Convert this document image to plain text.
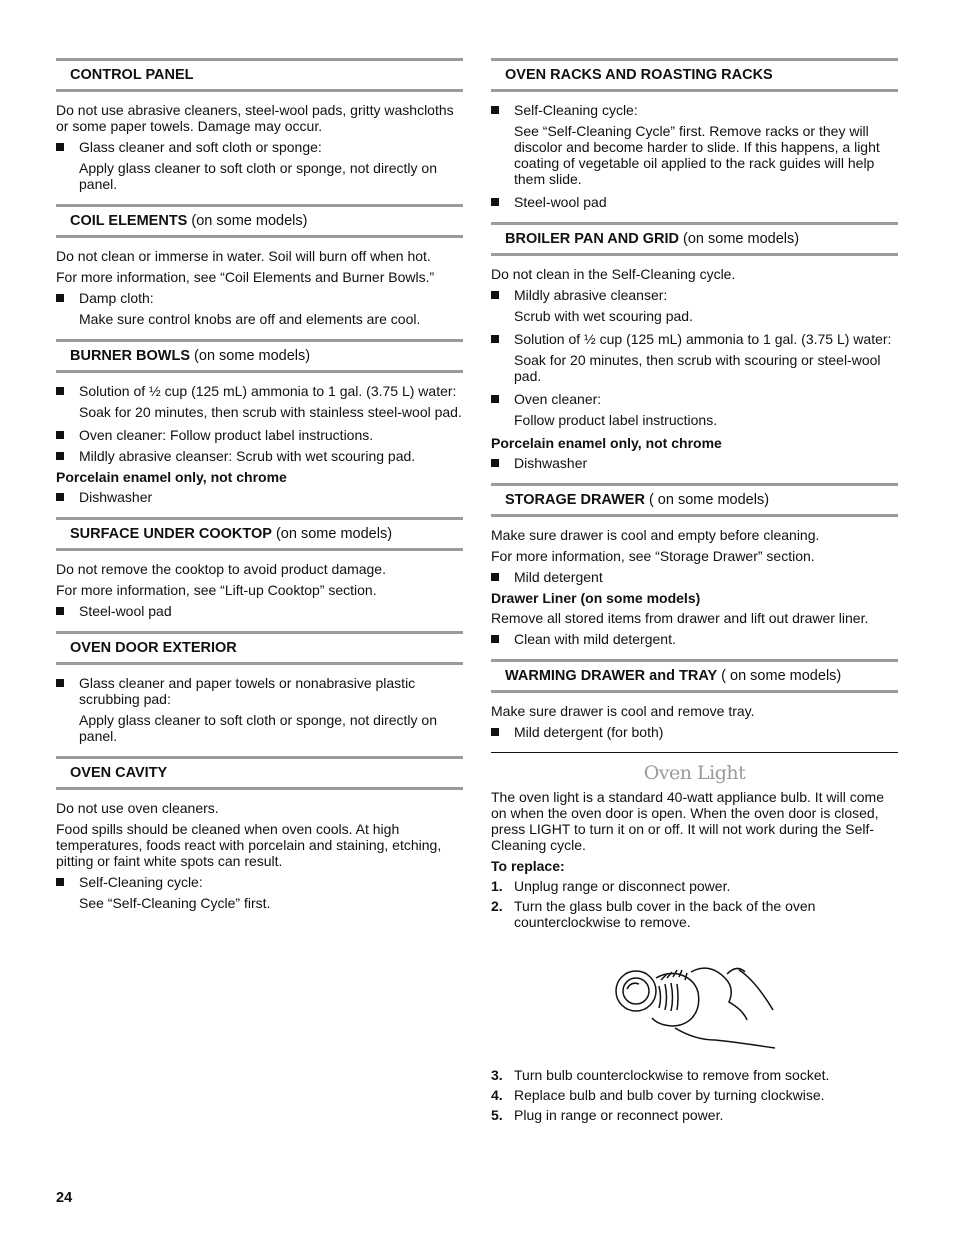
CONTROL PANEL

Do not use abrasive cleaners, steel-wool pads, gritty washcloths or some paper towels. Damage may occur.

Glass cleaner and soft cloth or sponge:

Apply glass cleaner to soft cloth or sponge, not directly on panel.

COIL ELEMENTS (on some models)

Do not clean or immerse in water. Soil will burn off when hot.

For more information, see “Coil Elements and Burner Bowls.”

Damp cloth:

Make sure control knobs are off and elements are cool.

BURNER BOWLS (on some models)

Solution of ½ cup (125 mL) ammonia to 1 gal. (3.75 L) water:

Soak for 20 minutes, then scrub with stainless steel-wool pad.

Oven cleaner: Follow product label instructions.

Mildly abrasive cleanser: Scrub with wet scouring pad.

Porcelain enamel only, not chrome

Dishwasher

SURFACE UNDER COOKTOP (on some models)

Do not remove the cooktop to avoid product damage.

For more information, see “Lift-up Cooktop” section.

Steel-wool pad

OVEN DOOR EXTERIOR

Glass cleaner and paper towels or nonabrasive plastic scrubbing pad:

Apply glass cleaner to soft cloth or sponge, not directly on panel.

OVEN CAVITY

Do not use oven cleaners.

Food spills should be cleaned when oven cools. At high temperatures, foods react with porcelain and staining, etching, pitting or faint white spots can result.

Self-Cleaning cycle:

See “Self-Cleaning Cycle” first.

OVEN RACKS AND ROASTING RACKS

Self-Cleaning cycle:

See “Self-Cleaning Cycle” first. Remove racks or they will discolor and become harder to slide. If this happens, a light coating of vegetable oil applied to the rack guides will help them slide.

Steel-wool pad

BROILER PAN AND GRID (on some models)

Do not clean in the Self-Cleaning cycle.

Mildly abrasive cleanser:

Scrub with wet scouring pad.

Solution of ½ cup (125 mL) ammonia to 1 gal. (3.75 L) water:

Soak for 20 minutes, then scrub with scouring or steel-wool pad.

Oven cleaner:

Follow product label instructions.

Porcelain enamel only, not chrome

Dishwasher

STORAGE DRAWER ( on some models)

Make sure drawer is cool and empty before cleaning.

For more information, see “Storage Drawer” section.

Mild detergent

Drawer Liner (on some models)

Remove all stored items from drawer and lift out drawer liner.

Clean with mild detergent.

WARMING DRAWER and TRAY ( on some models)

Make sure drawer is cool and remove tray.

Mild detergent (for both)

Oven Light

The oven light is a standard 40-watt appliance bulb. It will come on when the oven door is open. When the oven door is closed, press LIGHT to turn it on or off. It will not work during the Self-Cleaning cycle.

To replace:

1. Unplug range or disconnect power.

2. Turn the glass bulb cover in the back of the oven counterclockwise to remove.

3. Turn bulb counterclockwise to remove from socket.

4. Replace bulb and bulb cover by turning clockwise.

5. Plug in range or reconnect power.

24
